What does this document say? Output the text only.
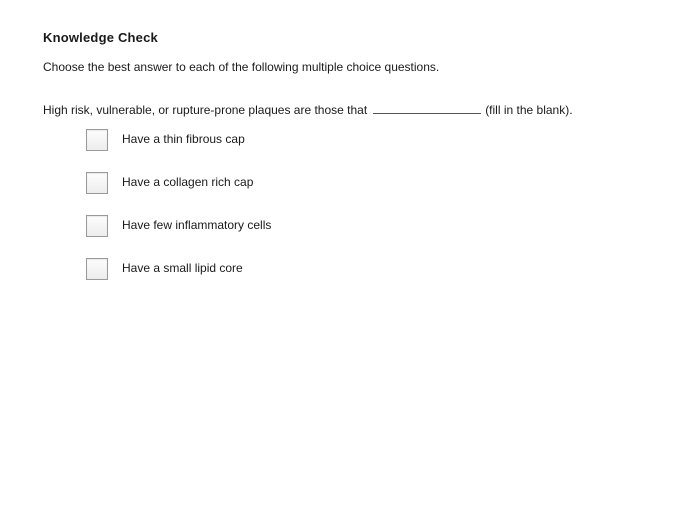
Knowledge Check
Choose the best answer to each of the following multiple choice questions.
High risk, vulnerable, or rupture-prone plaques are those that	(fill in the blank).
Have a thin fibrous cap
Have a collagen rich cap
Have few inflammatory cells
Have a small lipid core
